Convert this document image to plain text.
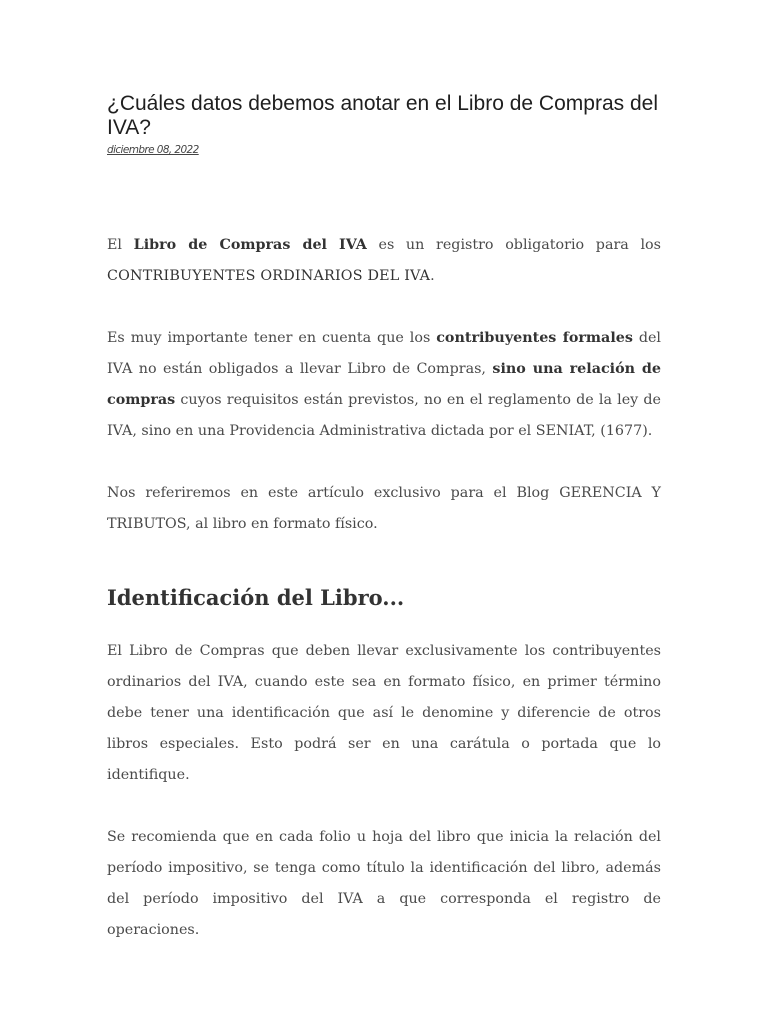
¿Cuáles datos debemos anotar en el Libro de Compras del IVA?
diciembre 08, 2022

El Libro de Compras del IVA es un registro obligatorio para los CONTRIBUYENTES ORDINARIOS DEL IVA.

Es muy importante tener en cuenta que los contribuyentes formales del IVA no están obligados a llevar Libro de Compras, sino una relación de compras cuyos requisitos están previstos, no en el reglamento de la ley de IVA, sino en una Providencia Administrativa dictada por el SENIAT, (1677).

Nos referiremos en este artículo exclusivo para el Blog GERENCIA Y TRIBUTOS, al libro en formato físico.

Identificación del Libro...

El Libro de Compras que deben llevar exclusivamente los contribuyentes ordinarios del IVA, cuando este sea en formato físico, en primer término debe tener una identificación que así le denomine y diferencie de otros libros especiales. Esto podrá ser en una carátula o portada que lo identifique.

Se recomienda que en cada folio u hoja del libro que inicia la relación del período impositivo, se tenga como título la identificación del libro, además del período impositivo del IVA a que corresponda el registro de operaciones.
